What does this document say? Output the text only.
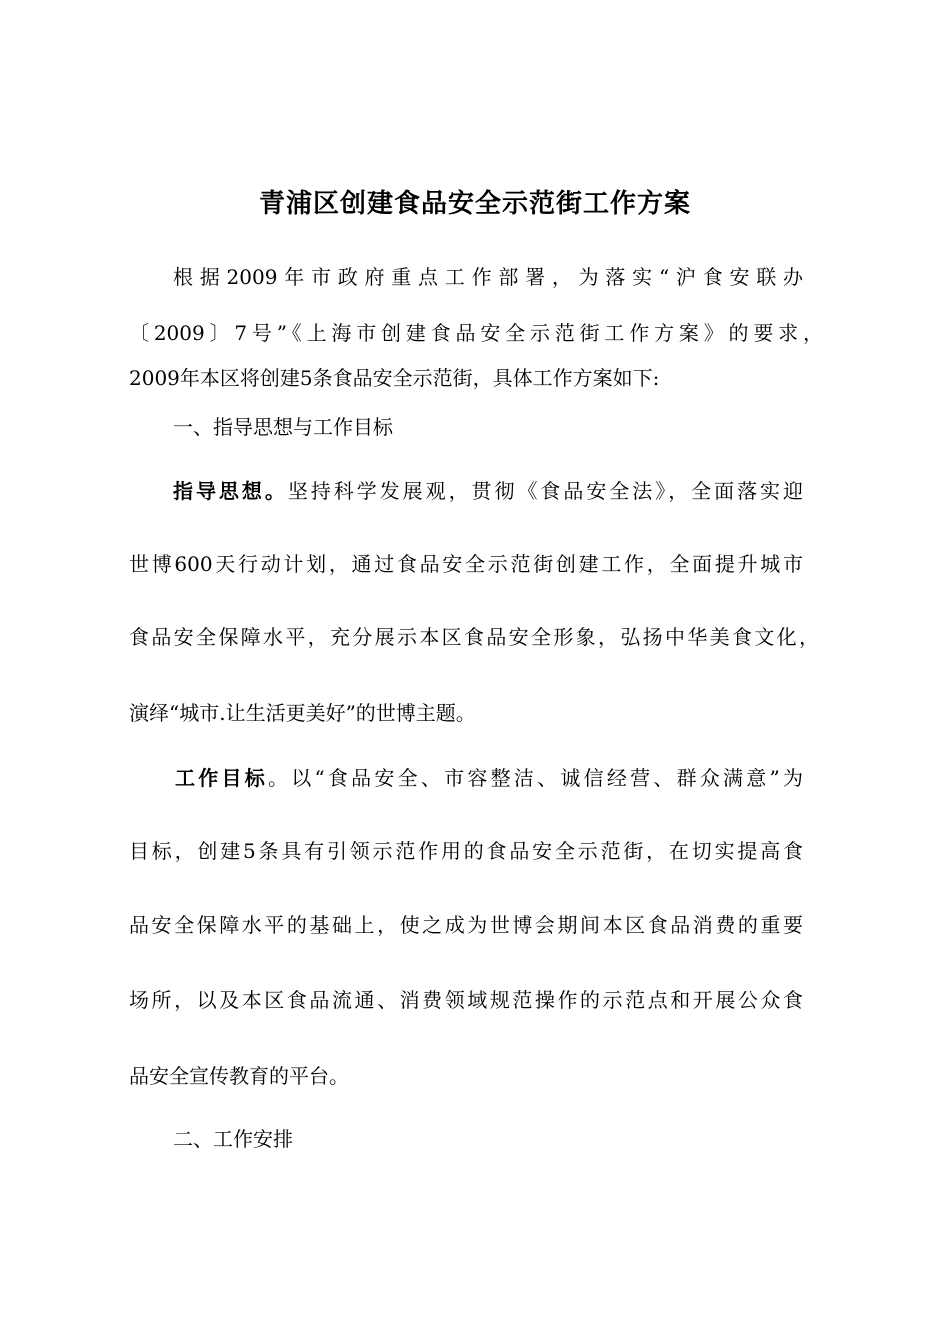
青浦区创建食品安全示范街工作方案
根据2009年市政府重点工作部署，为落实“沪食安联办
〔2009〕7号”《上海市创建食品安全示范街工作方案》的要求，
2009年本区将创建5条食品安全示范街，具体工作方案如下:
一、指导思想与工作目标
指导思想。坚持科学发展观，贯彻《食品安全法》，全面落实迎
世博600天行动计划，通过食品安全示范街创建工作，全面提升城市
食品安全保障水平，充分展示本区食品安全形象，弘扬中华美食文化，
演绎“城市.让生活更美好”的世博主题。
工作目标。以“食品安全、市容整洁、诚信经营、群众满意”为
目标，创建5条具有引领示范作用的食品安全示范街，在切实提高食
品安全保障水平的基础上，使之成为世博会期间本区食品消费的重要
场所，以及本区食品流通、消费领域规范操作的示范点和开展公众食
品安全宣传教育的平台。
二、工作安排
